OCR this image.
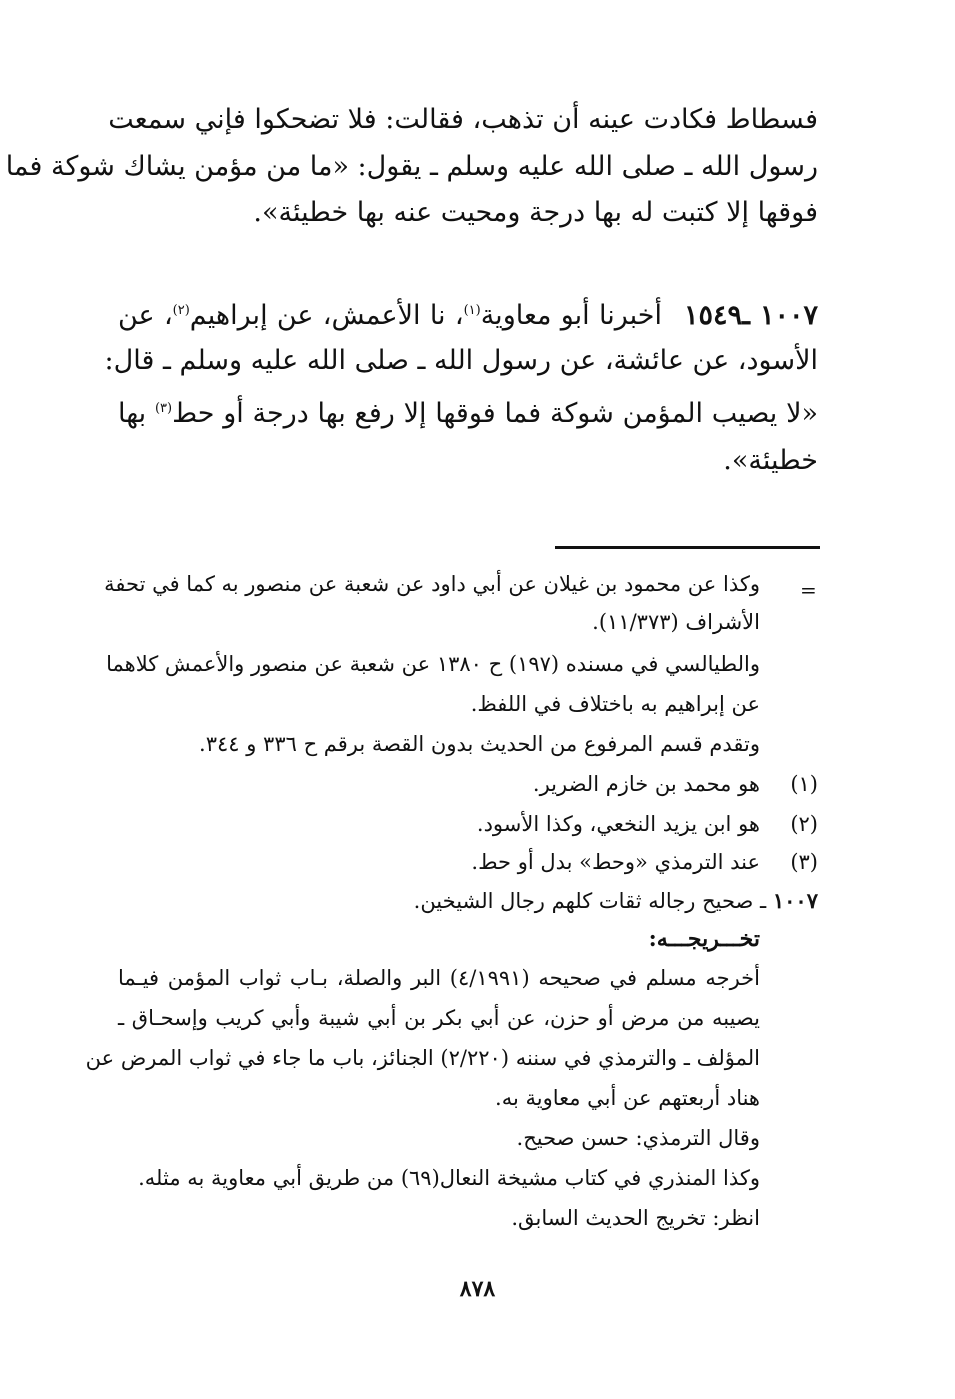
فسطاط فكادت عينه أن تذهب، فقالت: فلا تضحكوا فإني سمعت
رسول الله ـ صلى الله عليه وسلم ـ يقول: «ما من مؤمن يشاك شوكة فما
فوقها إلا كتبت له بها درجة ومحيت عنه بها خطيئة».
١٠٠٧ ـ١٥٤٩أخبرنا أبو معاوية$^{(١)}$، نا الأعمش، عن إبراهيم$^{(٢)}$، عن
الأسود، عن عائشة، عن رسول الله ـ صلى الله عليه وسلم ـ قال:
«لا يصيب المؤمن شوكة فما فوقها إلا رفع بها درجة أو حط$^{(٣)}$ بها
خطيئة».
=
وكذا عن محمود بن غيلان عن أبي داود عن شعبة عن منصور به كما في تحفة
الأشراف (١١/٣٧٣).
والطيالسي في مسنده (١٩٧) ح ١٣٨٠ عن شعبة عن منصور والأعمش كلاهما
عن إبراهيم به باختلاف في اللفظ.
وتقدم قسم المرفوع من الحديث بدون القصة برقم ح ٣٣٦ و ٣٤٤.
(١)
هو محمد بن خازم الضرير.
(٢)
هو ابن يزيد النخعي، وكذا الأسود.
(٣)
عند الترمذي «وحط» بدل أو حط.
١٠٠٧ ـ صحيح رجاله ثقات كلهم رجال الشيخين.
تخـــريجـــه:
أخرجه مسلم في صحيحه (٤/١٩٩١) البر والصلة، بـاب ثواب المؤمن فيـما
يصيبه من مرض أو حزن، عن أبي بكر بن أبي شيبة وأبي كريب وإسحـاق ـ
المؤلف ـ والترمذي في سننه (٢/٢٢٠) الجنائز، باب ما جاء في ثواب المرض عن
هناد أربعتهم عن أبي معاوية به.
وقال الترمذي: حسن صحيح.
وكذا المنذري في كتاب مشيخة النعال(٦٩) من طريق أبي معاوية به مثله.
انظر: تخريج الحديث السابق.
٨٧٨
